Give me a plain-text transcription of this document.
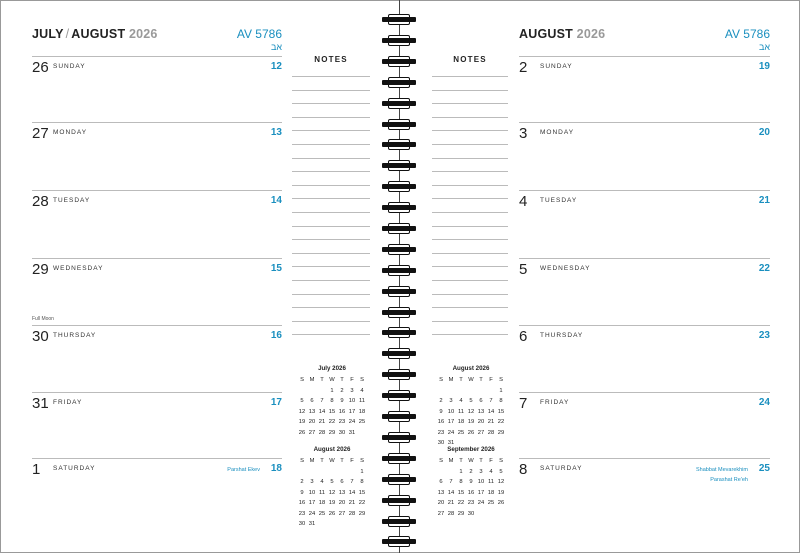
JULY / AUGUST 2026	AV 5786
אב
26 SUNDAY	12
27 MONDAY	13
28 TUESDAY	14
29 WEDNESDAY	15
30 THURSDAY	16
Full Moon
31 FRIDAY	17
1 SATURDAY	18
Parshat Ekev
NOTES
July 2026
S	M	T	W	T	F	S
			1	2	3	4
5	6	7	8	9	10	11
12	13	14	15	16	17	18
19	20	21	22	23	24	25
26	27	28	29	30	31	
August 2026
S	M	T	W	T	F	S
						1
2	3	4	5	6	7	8
9	10	11	12	13	14	15
16	17	18	19	20	21	22
23	24	25	26	27	28	29
30	31					
AUGUST 2026	AV 5786
אב
2 SUNDAY	19
3 MONDAY	20
4 TUESDAY	21
5 WEDNESDAY	22
6 THURSDAY	23
7 FRIDAY	24
8 SATURDAY	25
Shabbat Mevarekhim
Parashat Re'eh
NOTES
August 2026
S	M	T	W	T	F	S
						1
2	3	4	5	6	7	8
9	10	11	12	13	14	15
16	17	18	19	20	21	22
23	24	25	26	27	28	29
30	31					
September 2026
S	M	T	W	T	F	S
		1	2	3	4	5
6	7	8	9	10	11	12
13	14	15	16	17	18	19
20	21	22	23	24	25	26
27	28	29	30			
